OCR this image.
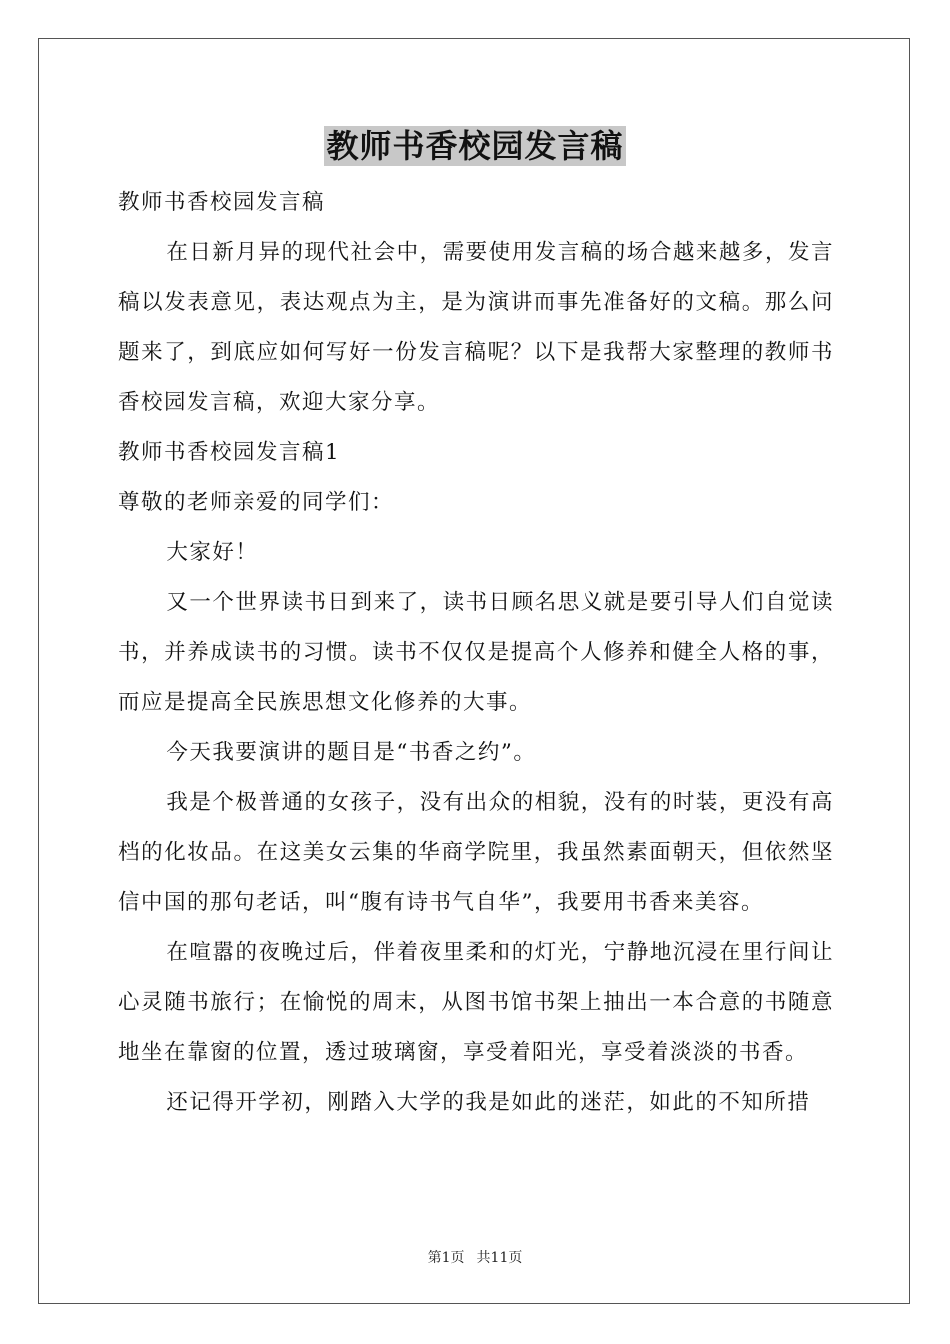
教师书香校园发言稿

教师书香校园发言稿

在日新月异的现代社会中，需要使用发言稿的场合越来越多，发言稿以发表意见，表达观点为主，是为演讲而事先准备好的文稿。那么问题来了，到底应如何写好一份发言稿呢？以下是我帮大家整理的教师书香校园发言稿，欢迎大家分享。

教师书香校园发言稿1

尊敬的老师亲爱的同学们：

大家好！

又一个世界读书日到来了，读书日顾名思义就是要引导人们自觉读书，并养成读书的习惯。读书不仅仅是提高个人修养和健全人格的事，而应是提高全民族思想文化修养的大事。

今天我要演讲的题目是“书香之约”。

我是个极普通的女孩子，没有出众的相貌，没有的时装，更没有高档的化妆品。在这美女云集的华商学院里，我虽然素面朝天，但依然坚信中国的那句老话，叫“腹有诗书气自华”，我要用书香来美容。

在喧嚣的夜晚过后，伴着夜里柔和的灯光，宁静地沉浸在里行间让心灵随书旅行；在愉悦的周末，从图书馆书架上抽出一本合意的书随意地坐在靠窗的位置，透过玻璃窗，享受着阳光，享受着淡淡的书香。

还记得开学初，刚踏入大学的我是如此的迷茫，如此的不知所措

第1页 共11页
